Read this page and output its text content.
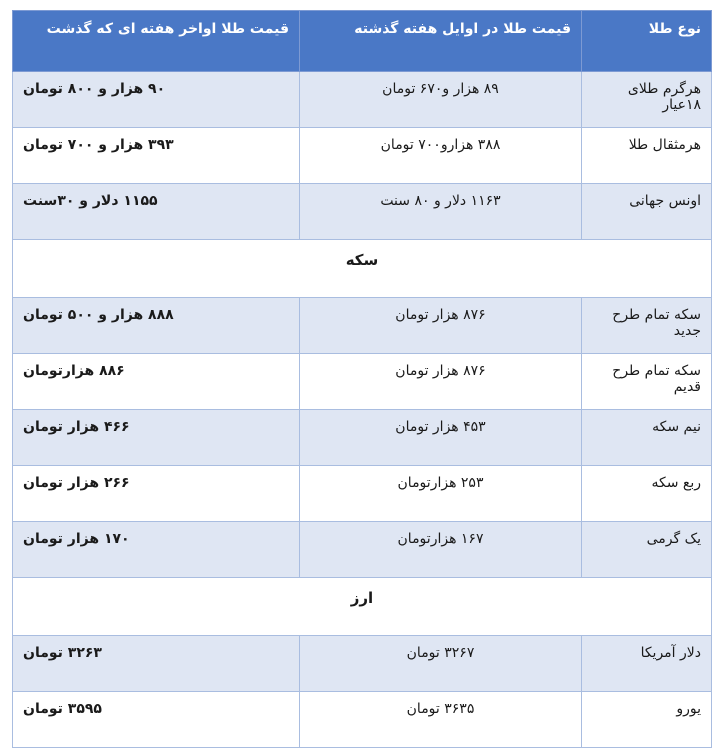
نوع طلا	قیمت طلا در اوایل هفته گذشته	قیمت طلا اواخر هفته ای که گذشت
هرگرم طلای ۱۸عیار	۸۹ هزار و۶۷۰ تومان	۹۰ هزار و ۸۰۰ تومان
هرمثقال طلا	۳۸۸ هزارو۷۰۰ تومان	۳۹۳ هزار و ۷۰۰ تومان
اونس جهانی	۱۱۶۳ دلار و ۸۰ سنت	۱۱۵۵ دلار و ۳۰سنت
سکه		
سکه تمام طرح جدید	۸۷۶ هزار تومان	۸۸۸ هزار و ۵۰۰ تومان
سکه تمام طرح قدیم	۸۷۶ هزار تومان	۸۸۶ هزارتومان
نیم سکه	۴۵۳ هزار تومان	۴۶۶ هزار تومان
ربع سکه	۲۵۳ هزارتومان	۲۶۶ هزار تومان
یک گرمی	۱۶۷ هزارتومان	۱۷۰ هزار تومان
ارز		
دلار آمریکا	۳۲۶۷ تومان	۳۲۶۳ تومان
یورو	۳۶۳۵ تومان	۳۵۹۵ تومان
